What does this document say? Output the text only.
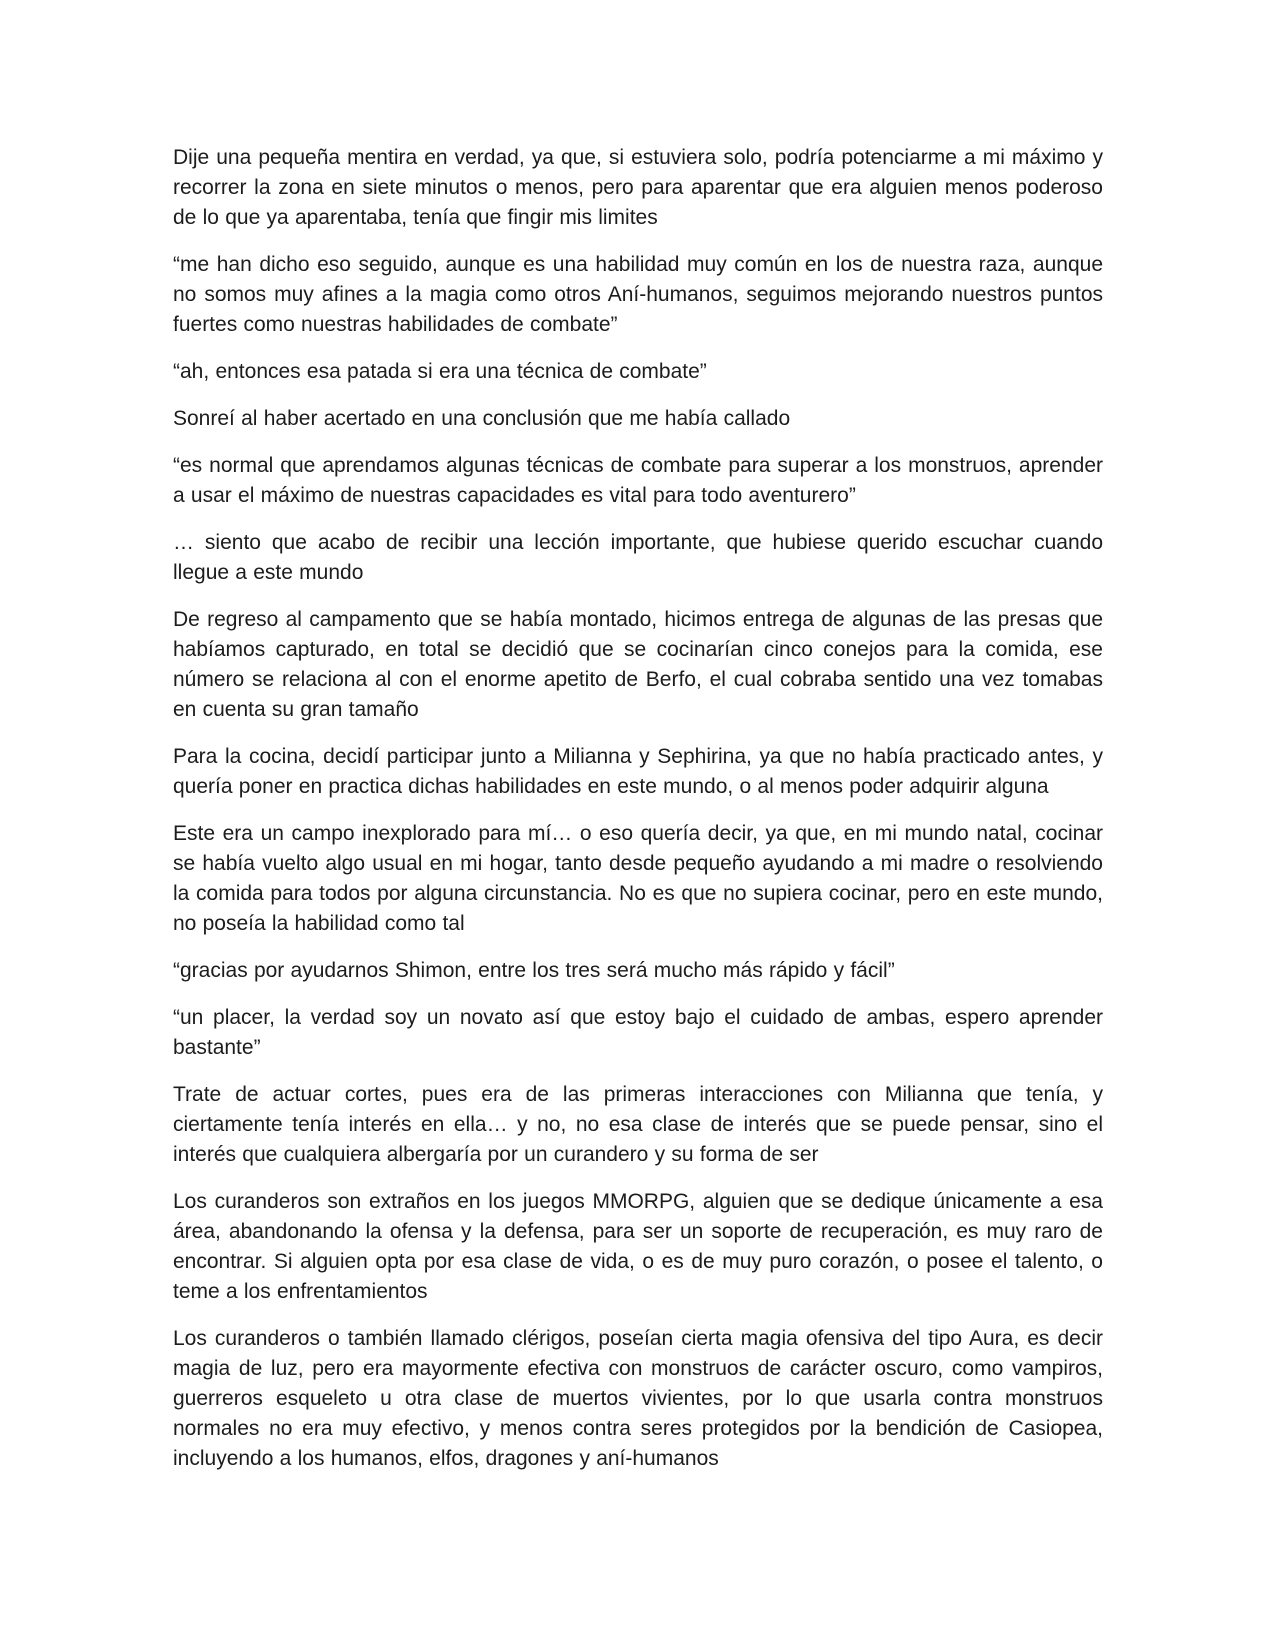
Dije una pequeña mentira en verdad, ya que, si estuviera solo, podría potenciarme a mi máximo y recorrer la zona en siete minutos o menos, pero para aparentar que era alguien menos poderoso de lo que ya aparentaba, tenía que fingir mis limites

“me han dicho eso seguido, aunque es una habilidad muy común en los de nuestra raza, aunque no somos muy afines a la magia como otros Aní-humanos, seguimos mejorando nuestros puntos fuertes como nuestras habilidades de combate”

“ah, entonces esa patada si era una técnica de combate”

Sonreí al haber acertado en una conclusión que me había callado

“es normal que aprendamos algunas técnicas de combate para superar a los monstruos, aprender a usar el máximo de nuestras capacidades es vital para todo aventurero”

… siento que acabo de recibir una lección importante, que hubiese querido escuchar cuando llegue a este mundo

De regreso al campamento que se había montado, hicimos entrega de algunas de las presas que habíamos capturado, en total se decidió que se cocinarían cinco conejos para la comida, ese número se relaciona al con el enorme apetito de Berfo, el cual cobraba sentido una vez tomabas en cuenta su gran tamaño

Para la cocina, decidí participar junto a Milianna y Sephirina, ya que no había practicado antes, y quería poner en practica dichas habilidades en este mundo, o al menos poder adquirir alguna

Este era un campo inexplorado para mí… o eso quería decir, ya que, en mi mundo natal, cocinar se había vuelto algo usual en mi hogar, tanto desde pequeño ayudando a mi madre o resolviendo la comida para todos por alguna circunstancia. No es que no supiera cocinar, pero en este mundo, no poseía la habilidad como tal

“gracias por ayudarnos Shimon, entre los tres será mucho más rápido y fácil”

“un placer, la verdad soy un novato así que estoy bajo el cuidado de ambas, espero aprender bastante”

Trate de actuar cortes, pues era de las primeras interacciones con Milianna que tenía, y ciertamente tenía interés en ella… y no, no esa clase de interés que se puede pensar, sino el interés que cualquiera albergaría por un curandero y su forma de ser

Los curanderos son extraños en los juegos MMORPG, alguien que se dedique únicamente a esa área, abandonando la ofensa y la defensa, para ser un soporte de recuperación, es muy raro de encontrar. Si alguien opta por esa clase de vida, o es de muy puro corazón, o posee el talento, o teme a los enfrentamientos

Los curanderos o también llamado clérigos, poseían cierta magia ofensiva del tipo Aura, es decir magia de luz, pero era mayormente efectiva con monstruos de carácter oscuro, como vampiros, guerreros esqueleto u otra clase de muertos vivientes, por lo que usarla contra monstruos normales no era muy efectivo, y menos contra seres protegidos por la bendición de Casiopea, incluyendo a los humanos, elfos, dragones y aní-humanos
